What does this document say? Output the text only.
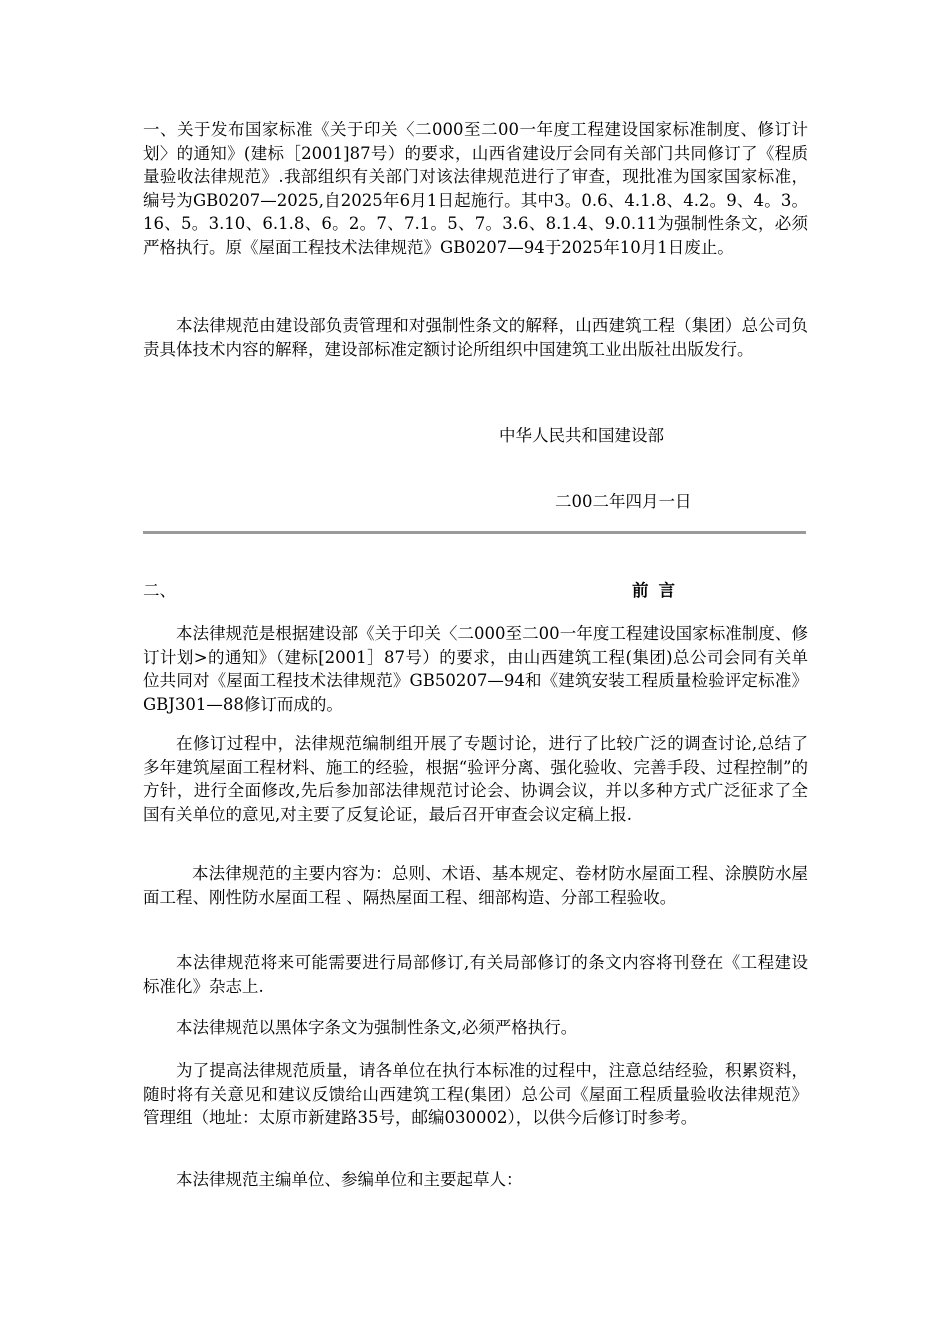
一、关于发布国家标准《关于印关〈二000至二00一年度工程建设国家标准制度、修订计划〉的通知》(建标［2001]87号）的要求，山西省建设厅会同有关部门共同修订了《程质量验收法律规范》.我部组织有关部门对该法律规范进行了审查，现批准为国家国家标准，编号为GB0207—2025,自2025年6月1日起施行。其中3。0.6、4.1.8、4.2。9、4。3。16、5。3.10、6.1.8、6。2。7、7.1。5、7。3.6、8.1.4、9.0.11为强制性条文，必须严格执行。原《屋面工程技术法律规范》GB0207—94于2025年10月1日废止。

本法律规范由建设部负责管理和对强制性条文的解释，山西建筑工程（集团）总公司负责具体技术内容的解释，建设部标准定额讨论所组织中国建筑工业出版社出版发行。

中华人民共和国建设部
二00二年四月一日
二、	前言

本法律规范是根据建设部《关于印关〈二000至二00一年度工程建设国家标准制度、修订计划>的通知》（建标[2001］87号）的要求，由山西建筑工程(集团)总公司会同有关单位共同对《屋面工程技术法律规范》GB50207—94和《建筑安装工程质量检验评定标准》GBJ301—88修订而成的。

在修订过程中，法律规范编制组开展了专题讨论，进行了比较广泛的调查讨论,总结了多年建筑屋面工程材料、施工的经验，根据“验评分离、强化验收、完善手段、过程控制”的方针，进行全面修改,先后参加部法律规范讨论会、协调会议，并以多种方式广泛征求了全国有关单位的意见,对主要了反复论证，最后召开审查会议定稿上报.

本法律规范的主要内容为：总则、术语、基本规定、卷材防水屋面工程、涂膜防水屋面工程、刚性防水屋面工程 、隔热屋面工程、细部构造、分部工程验收。

本法律规范将来可能需要进行局部修订,有关局部修订的条文内容将刊登在《工程建设标准化》杂志上.

本法律规范以黑体字条文为强制性条文,必须严格执行。

为了提高法律规范质量，请各单位在执行本标准的过程中，注意总结经验，积累资料，随时将有关意见和建议反馈给山西建筑工程(集团）总公司《屋面工程质量验收法律规范》管理组（地址：太原市新建路35号，邮编030002），以供今后修订时参考。

本法律规范主编单位、参编单位和主要起草人：
